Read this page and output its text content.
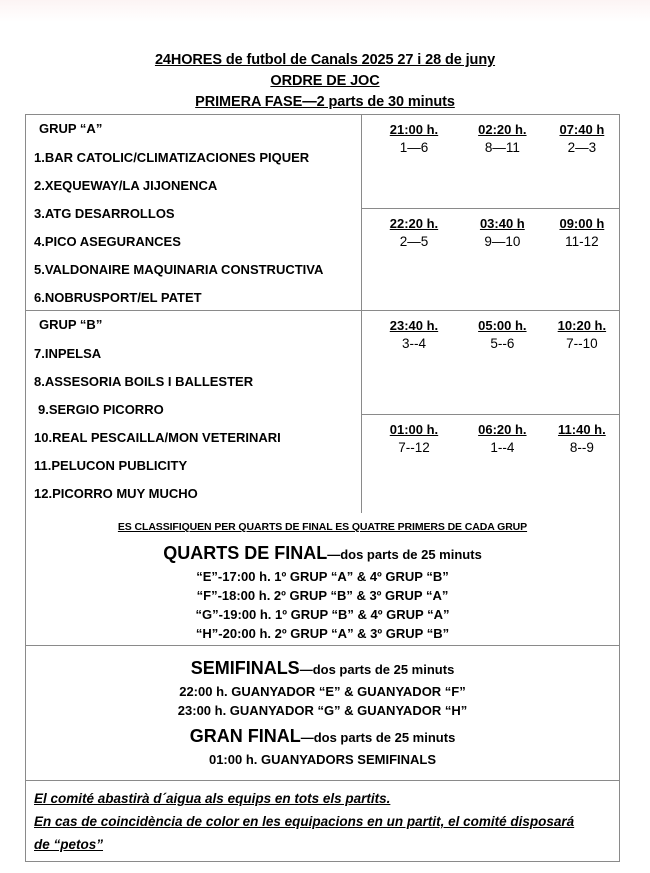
24HORES de futbol de Canals 2025 27 i 28 de juny
ORDRE DE JOC
PRIMERA FASE—2 parts de 30 minuts
GRUP “A”
1.BAR CATOLIC/CLIMATIZACIONES PIQUER
2.XEQUEWAY/LA JIJONENCA
3.ATG DESARROLLOS
4.PICO ASEGURANCES
5.VALDONAIRE MAQUINARIA CONSTRUCTIVA
6.NOBRUSPORT/EL PATET
GRUP “B”
7.INPELSA
8.ASSESORIA BOILS I BALLESTER
9.SERGIO PICORRO
10.REAL PESCAILLA/MON VETERINARI
11.PELUCON PUBLICITY
12.PICORRO MUY MUCHO
21:00 h.
1—6
02:20 h.
8—11
07:40 h
2—3
22:20 h.
2—5
03:40 h
9—10
09:00 h
11-12
23:40 h.
3--4
05:00 h.
5--6
10:20 h.
7--10
01:00 h.
7--12
06:20 h.
1--4
11:40 h.
8--9
ES CLASSIFIQUEN PER QUARTS DE FINAL ES QUATRE PRIMERS DE CADA GRUP
QUARTS DE FINAL—dos parts de 25 minuts
“E”-17:00 h. 1º GRUP “A” & 4º GRUP “B”
“F”-18:00 h. 2º GRUP “B” & 3º GRUP “A”
“G”-19:00 h. 1º GRUP “B” & 4º GRUP “A”
“H”-20:00 h. 2º GRUP “A” & 3º GRUP “B”
SEMIFINALS—dos parts de 25 minuts
22:00 h. GUANYADOR “E” & GUANYADOR “F”
23:00 h. GUANYADOR “G” & GUANYADOR “H”
GRAN FINAL—dos parts de 25 minuts
01:00 h. GUANYADORS SEMIFINALS
El comité abastirà d´aigua als equips en tots els partits.
En cas de coincidència de color en les equipacions en un partit, el comité disposará
de “petos”
